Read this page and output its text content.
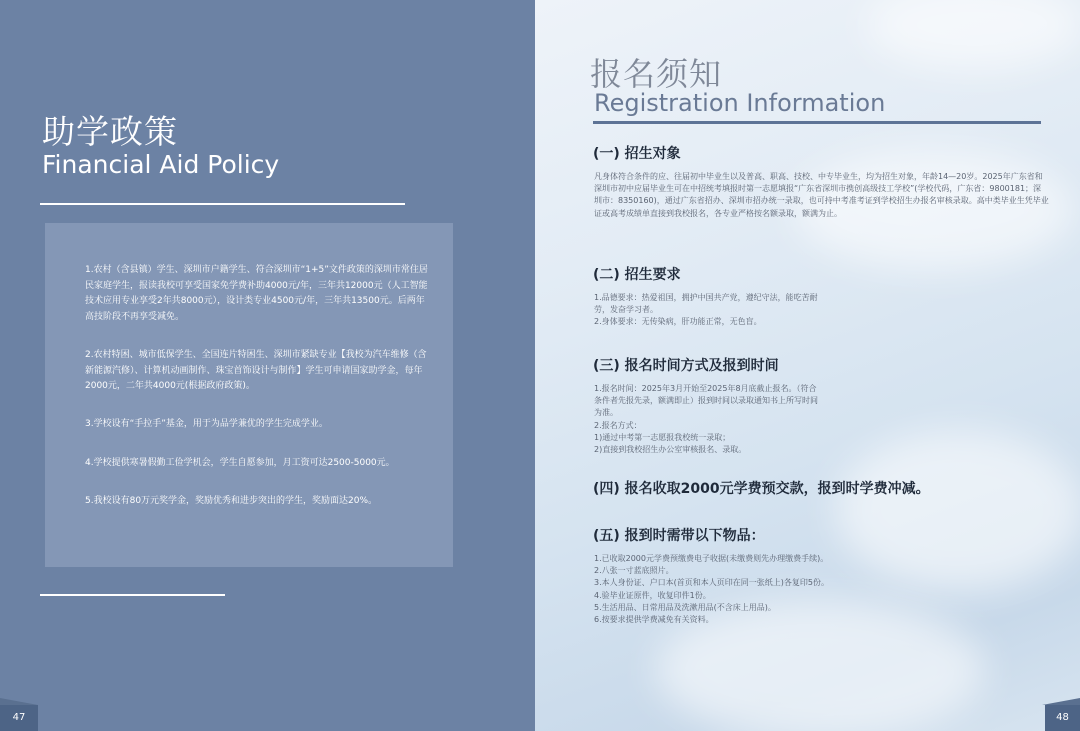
助学政策
Financial Aid Policy
1.农村（含县镇）学生、深圳市户籍学生、符合深圳市“1+5”文件政策的深圳市常住居民家庭学生，报读我校可享受国家免学费补助4000元/年，三年共12000元（人工智能技术应用专业享受2年共8000元），设计类专业4500元/年，三年共13500元。后两年高技阶段不再享受减免。
2.农村特困、城市低保学生、全国连片特困生、深圳市紧缺专业【我校为汽车维修（含新能源汽修）、计算机动画制作、珠宝首饰设计与制作】学生可申请国家助学金，每年2000元，二年共4000元(根据政府政策)。
3.学校设有“手拉手”基金，用于为品学兼优的学生完成学业。
4.学校提供寒暑假勤工俭学机会，学生自愿参加，月工资可达2500-5000元。
5.我校设有80万元奖学金，奖励优秀和进步突出的学生，奖励面达20%。
47
报名须知
Registration Information
(一) 招生对象
凡身体符合条件的应、往届初中毕业生以及普高、职高、技校、中专毕业生，均为招生对象，年龄14—20岁。2025年广东省和深圳市初中应届毕业生可在中招统考填报时第一志愿填报“广东省深圳市携创高级技工学校”(学校代码，广东省：9800181；深圳市：8350160)，通过广东省招办、深圳市招办统一录取，也可持中考准考证到学校招生办报名审核录取。高中类毕业生凭毕业证或高考成绩单直接到我校报名，各专业严格按名额录取，额满为止。
(二) 招生要求
1.品德要求：热爱祖国，拥护中国共产党，遵纪守法，能吃苦耐劳，发奋学习者。
2.身体要求：无传染病，肝功能正常，无色盲。
(三) 报名时间方式及报到时间
1.报名时间：2025年3月开始至2025年8月底截止报名。（符合条件者先报先录，额满即止）报到时间以录取通知书上所写时间为准。
2.报名方式：
1)通过中考第一志愿报我校统一录取；
2)直接到我校招生办公室审核报名、录取。
(四) 报名收取2000元学费预交款，报到时学费冲减。
(五) 报到时需带以下物品：
1.已收取2000元学费预缴费电子收据(未缴费则先办理缴费手续)。
2.八张一寸蓝底照片。
3.本人身份证、户口本(首页和本人页印在同一张纸上)各复印5份。
4.验毕业证原件，收复印件1份。
5.生活用品、日常用品及洗漱用品(不含床上用品)。
6.按要求提供学费减免有关资料。
48
